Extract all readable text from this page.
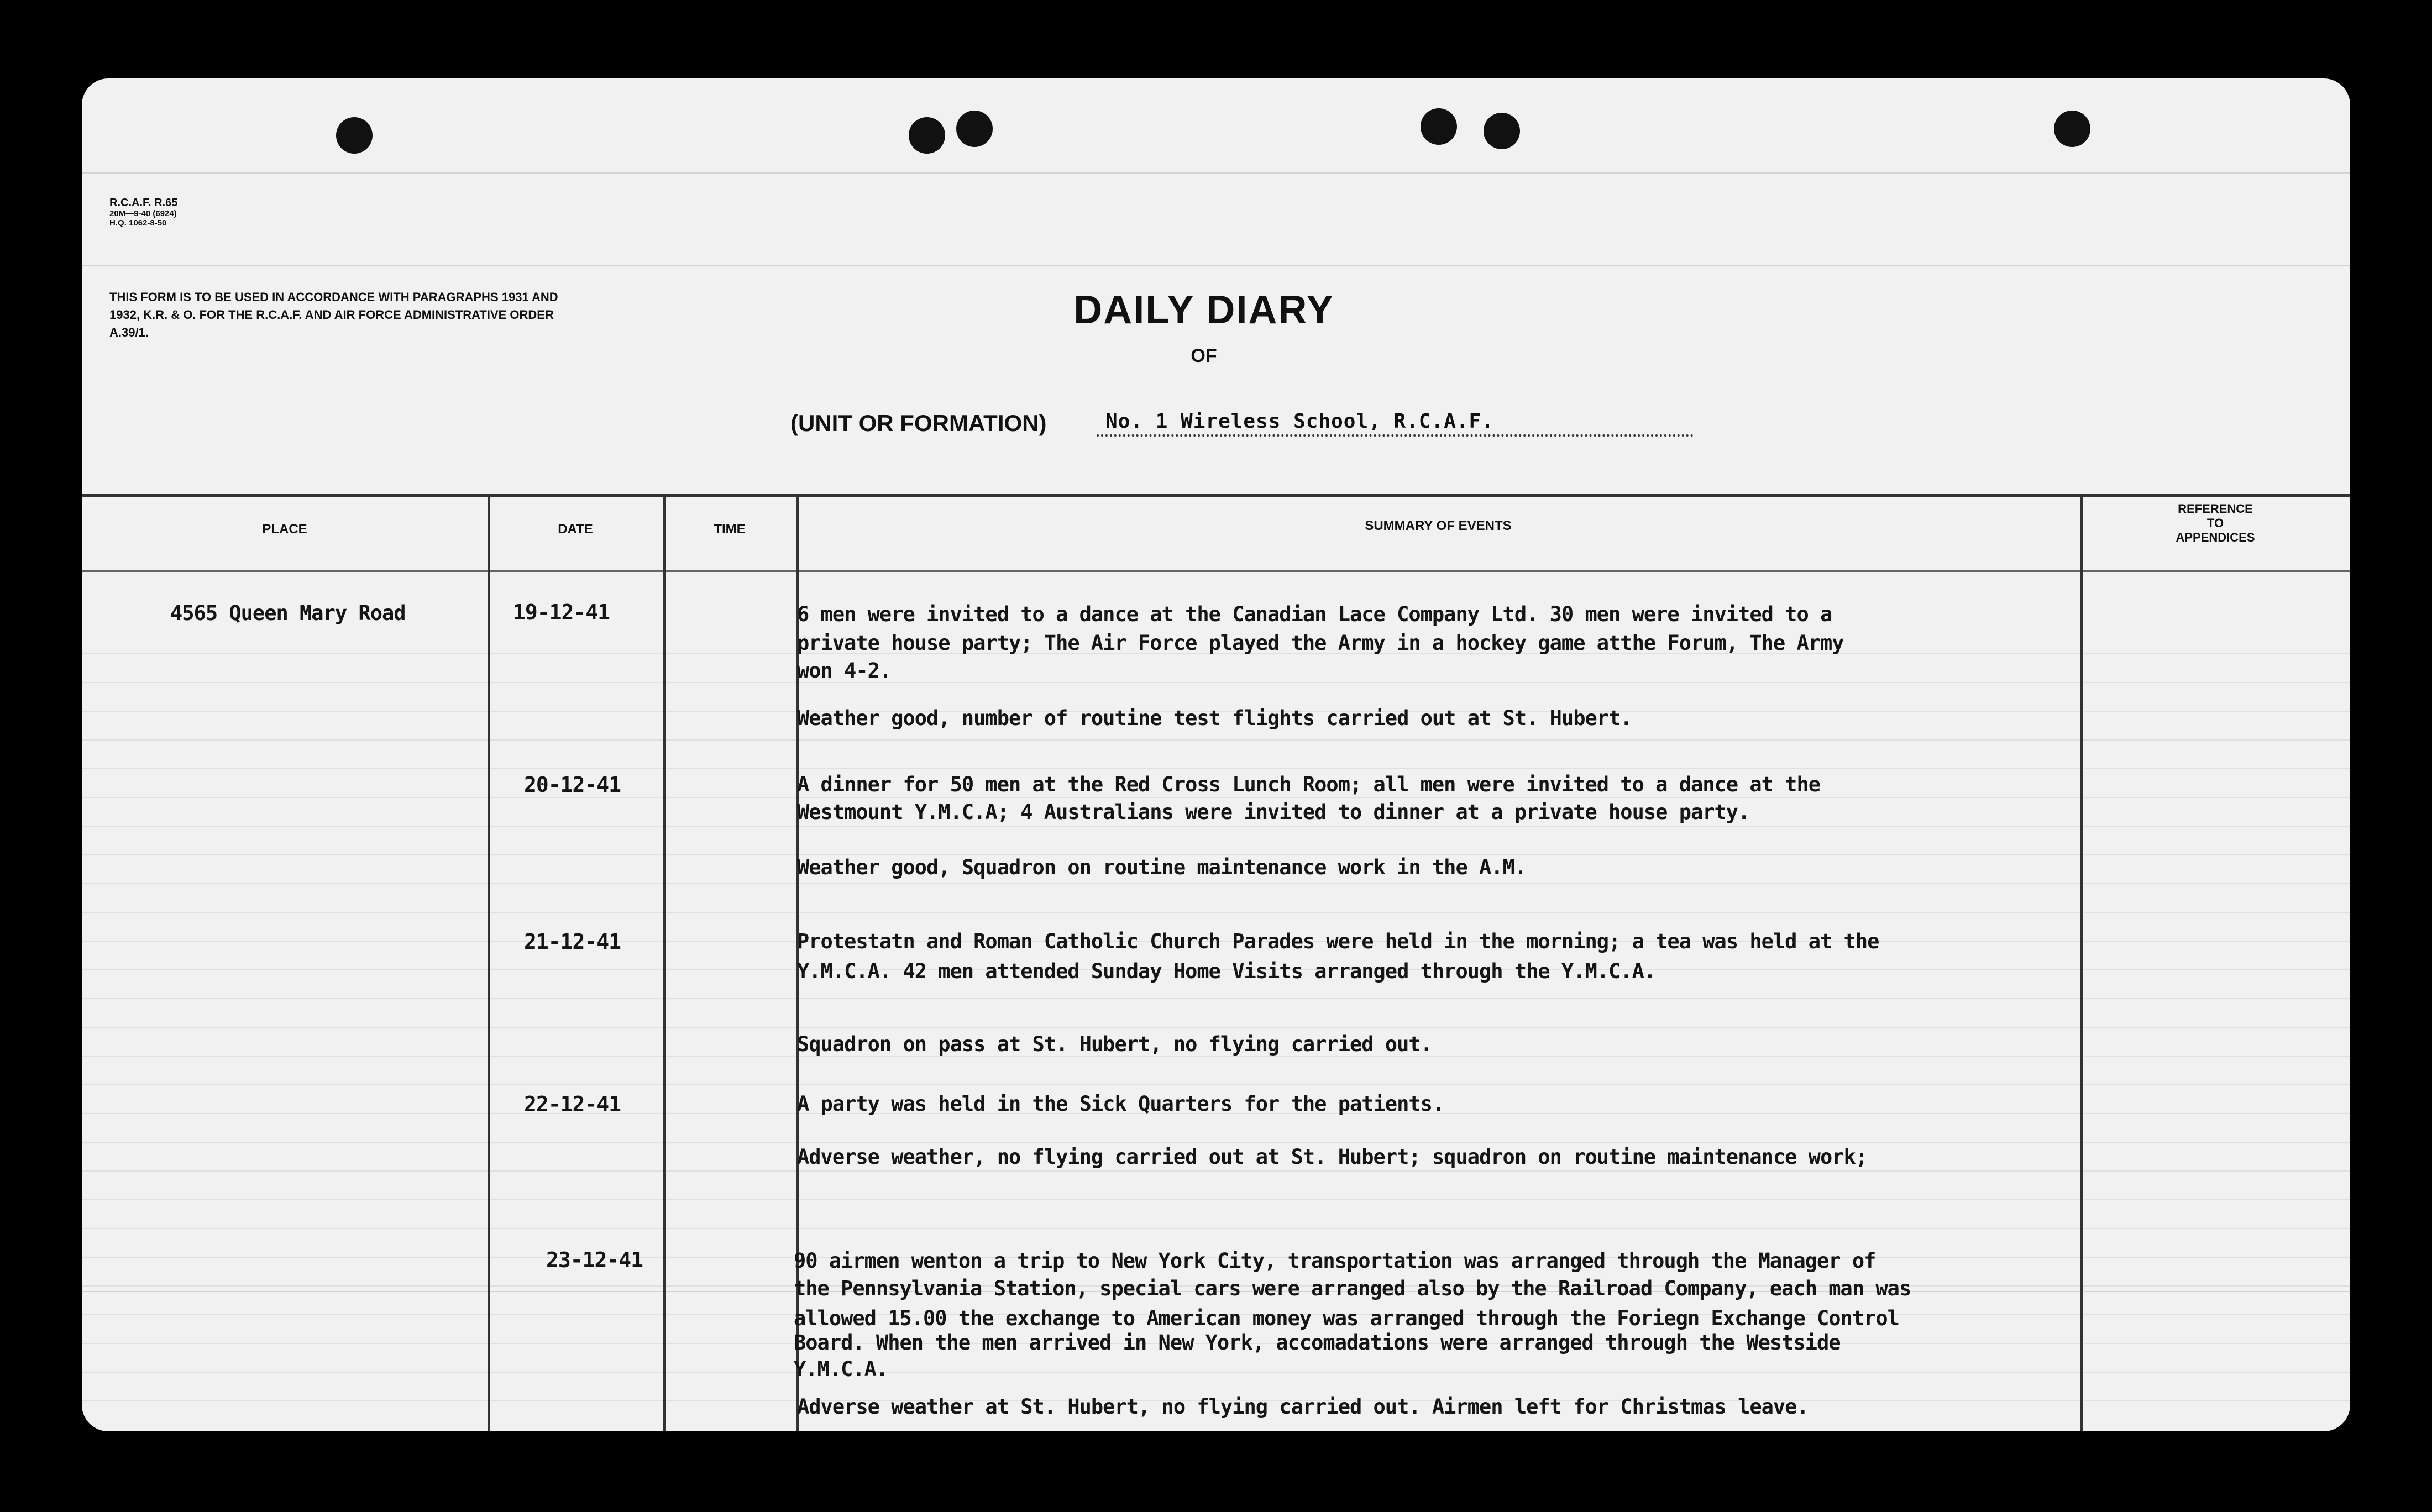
R.C.A.F. R.65
20M—9-40 (6924)
H.Q. 1062-8-50
THIS FORM IS TO BE USED IN ACCORDANCE WITH PARAGRAPHS 1931 AND 1932, K.R. & O. FOR THE R.C.A.F. AND AIR FORCE ADMINISTRATIVE ORDER A.39/1.
DAILY DIARY
OF
(UNIT OR FORMATION)	No. 1 Wireless School, R.C.A.F.
PLACE	DATE	TIME	SUMMARY OF EVENTS
REFERENCE
TO
APPENDICES
4565 Queen Mary Road	19-12-41	6 men were invited to a dance at the Canadian Lace Company Ltd. 30 men were invited to a
private house party; The Air Force played the Army in a hockey game atthe Forum, The Army
won 4-2.
Weather good, number of routine test flights carried out at St. Hubert.
20-12-41	A dinner for 50 men at the Red Cross Lunch Room; all men were invited to a dance at the
Westmount Y.M.C.A; 4 Australians were invited to dinner at a private house party.
Weather good, Squadron on routine maintenance work in the A.M.
21-12-41	Protestatn and Roman Catholic Church Parades were held in the morning; a tea was held at the
Y.M.C.A. 42 men attended Sunday Home Visits arranged through the Y.M.C.A.
Squadron on pass at St. Hubert, no flying carried out.
22-12-41	A party was held in the Sick Quarters for the patients.
Adverse weather, no flying carried out at St. Hubert; squadron on routine maintenance work;
23-12-41	90 airmen wenton a trip to New York City, transportation was arranged through the Manager of
the Pennsylvania Station, special cars were arranged also by the Railroad Company, each man was
allowed 15.00 the exchange to American money was arranged through the Foriegn Exchange Control
Board. When the men arrived in New York, accomadations were arranged through the Westside
Y.M.C.A.
Adverse weather at St. Hubert, no flying carried out. Airmen left for Christmas leave.
